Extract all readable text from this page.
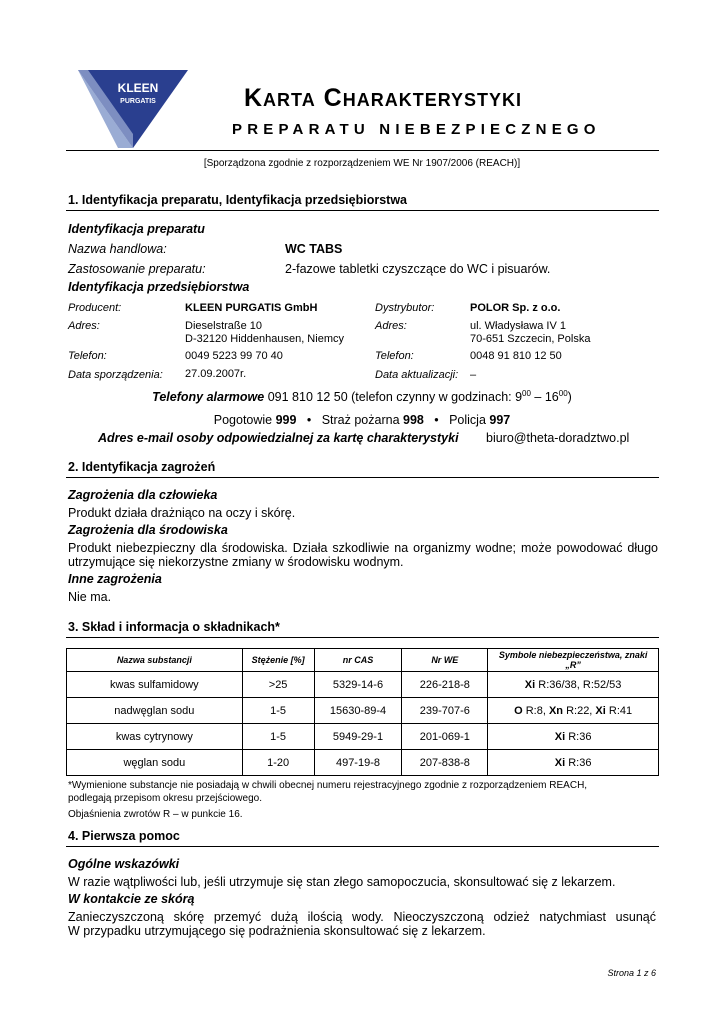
KLEEN
PURGATIS	Karta Charakterystyki
PREPARATU NIEBEZPIECZNEGO
[Sporządzona zgodnie z rozporządzeniem WE Nr 1907/2006 (REACH)]
1. Identyfikacja preparatu, Identyfikacja przedsiębiorstwa
Identyfikacja preparatu
Nazwa handlowa:	WC TABS
Zastosowanie preparatu:	2-fazowe tabletki czyszczące do WC i pisuarów.
Identyfikacja przedsiębiorstwa
Producent:	KLEEN PURGATIS GmbH	Dystrybutor:	POLOR Sp. z o.o.
Adres:	Dieselstraße 10
D-32120 Hiddenhausen, Niemcy
Adres:	ul. Władysława IV 1
70-651 Szczecin, Polska
Telefon:	0049 5223 99 70 40	Telefon:	0048 91 810 12 50
Data sporządzenia: 27.09.2007r.	Data aktualizacji: –
Telefony alarmowe 091 810 12 50 (telefon czynny w godzinach: $9^{00} - 16^{00}$)
Pogotowie 999 • Straż pożarna 998 • Policja 997
Adres e-mail osoby odpowiedzialnej za kartę charakterystyki biuro@theta-doradztwo.pl
2. Identyfikacja zagrożeń
Zagrożenia dla człowieka
Produkt działa drażniąco na oczy i skórę.
Zagrożenia dla środowiska
Produkt niebezpieczny dla środowiska. Działa szkodliwie na organizmy wodne; może powodować długo
utrzymujące się niekorzystne zmiany w środowisku wodnym.
Inne zagrożenia
Nie ma.
3. Skład i informacja o składnikach*
Nazwa substancji	Stężenie [%]	nr CAS	Nr WE	Symbole niebezpieczeństwa, znaki „R”
kwas sulfamidowy	>25	5329-14-6	226-218-8	Xi R:36/38, R:52/53
nadwęglan sodu	1-5	15630-89-4	239-707-6	O R:8, Xn R:22, Xi R:41
kwas cytrynowy	1-5	5949-29-1	201-069-1	Xi R:36
węglan sodu	1-20	497-19-8	207-838-8	Xi R:36
*Wymienione substancje nie posiadają w chwili obecnej numeru rejestracyjnego zgodnie z rozporządzeniem REACH,
podlegają przepisom okresu przejściowego.
Objaśnienia zwrotów R – w punkcie 16.
4. Pierwsza pomoc
Ogólne wskazówki
W razie wątpliwości lub, jeśli utrzymuje się stan złego samopoczucia, skonsultować się z lekarzem.
W kontakcie ze skórą
Zanieczyszczoną skórę przemyć dużą ilością wody. Nieoczyszczoną odzież natychmiast usunąć
W przypadku utrzymującego się podrażnienia skonsultować się z lekarzem.
Strona 1 z 6
